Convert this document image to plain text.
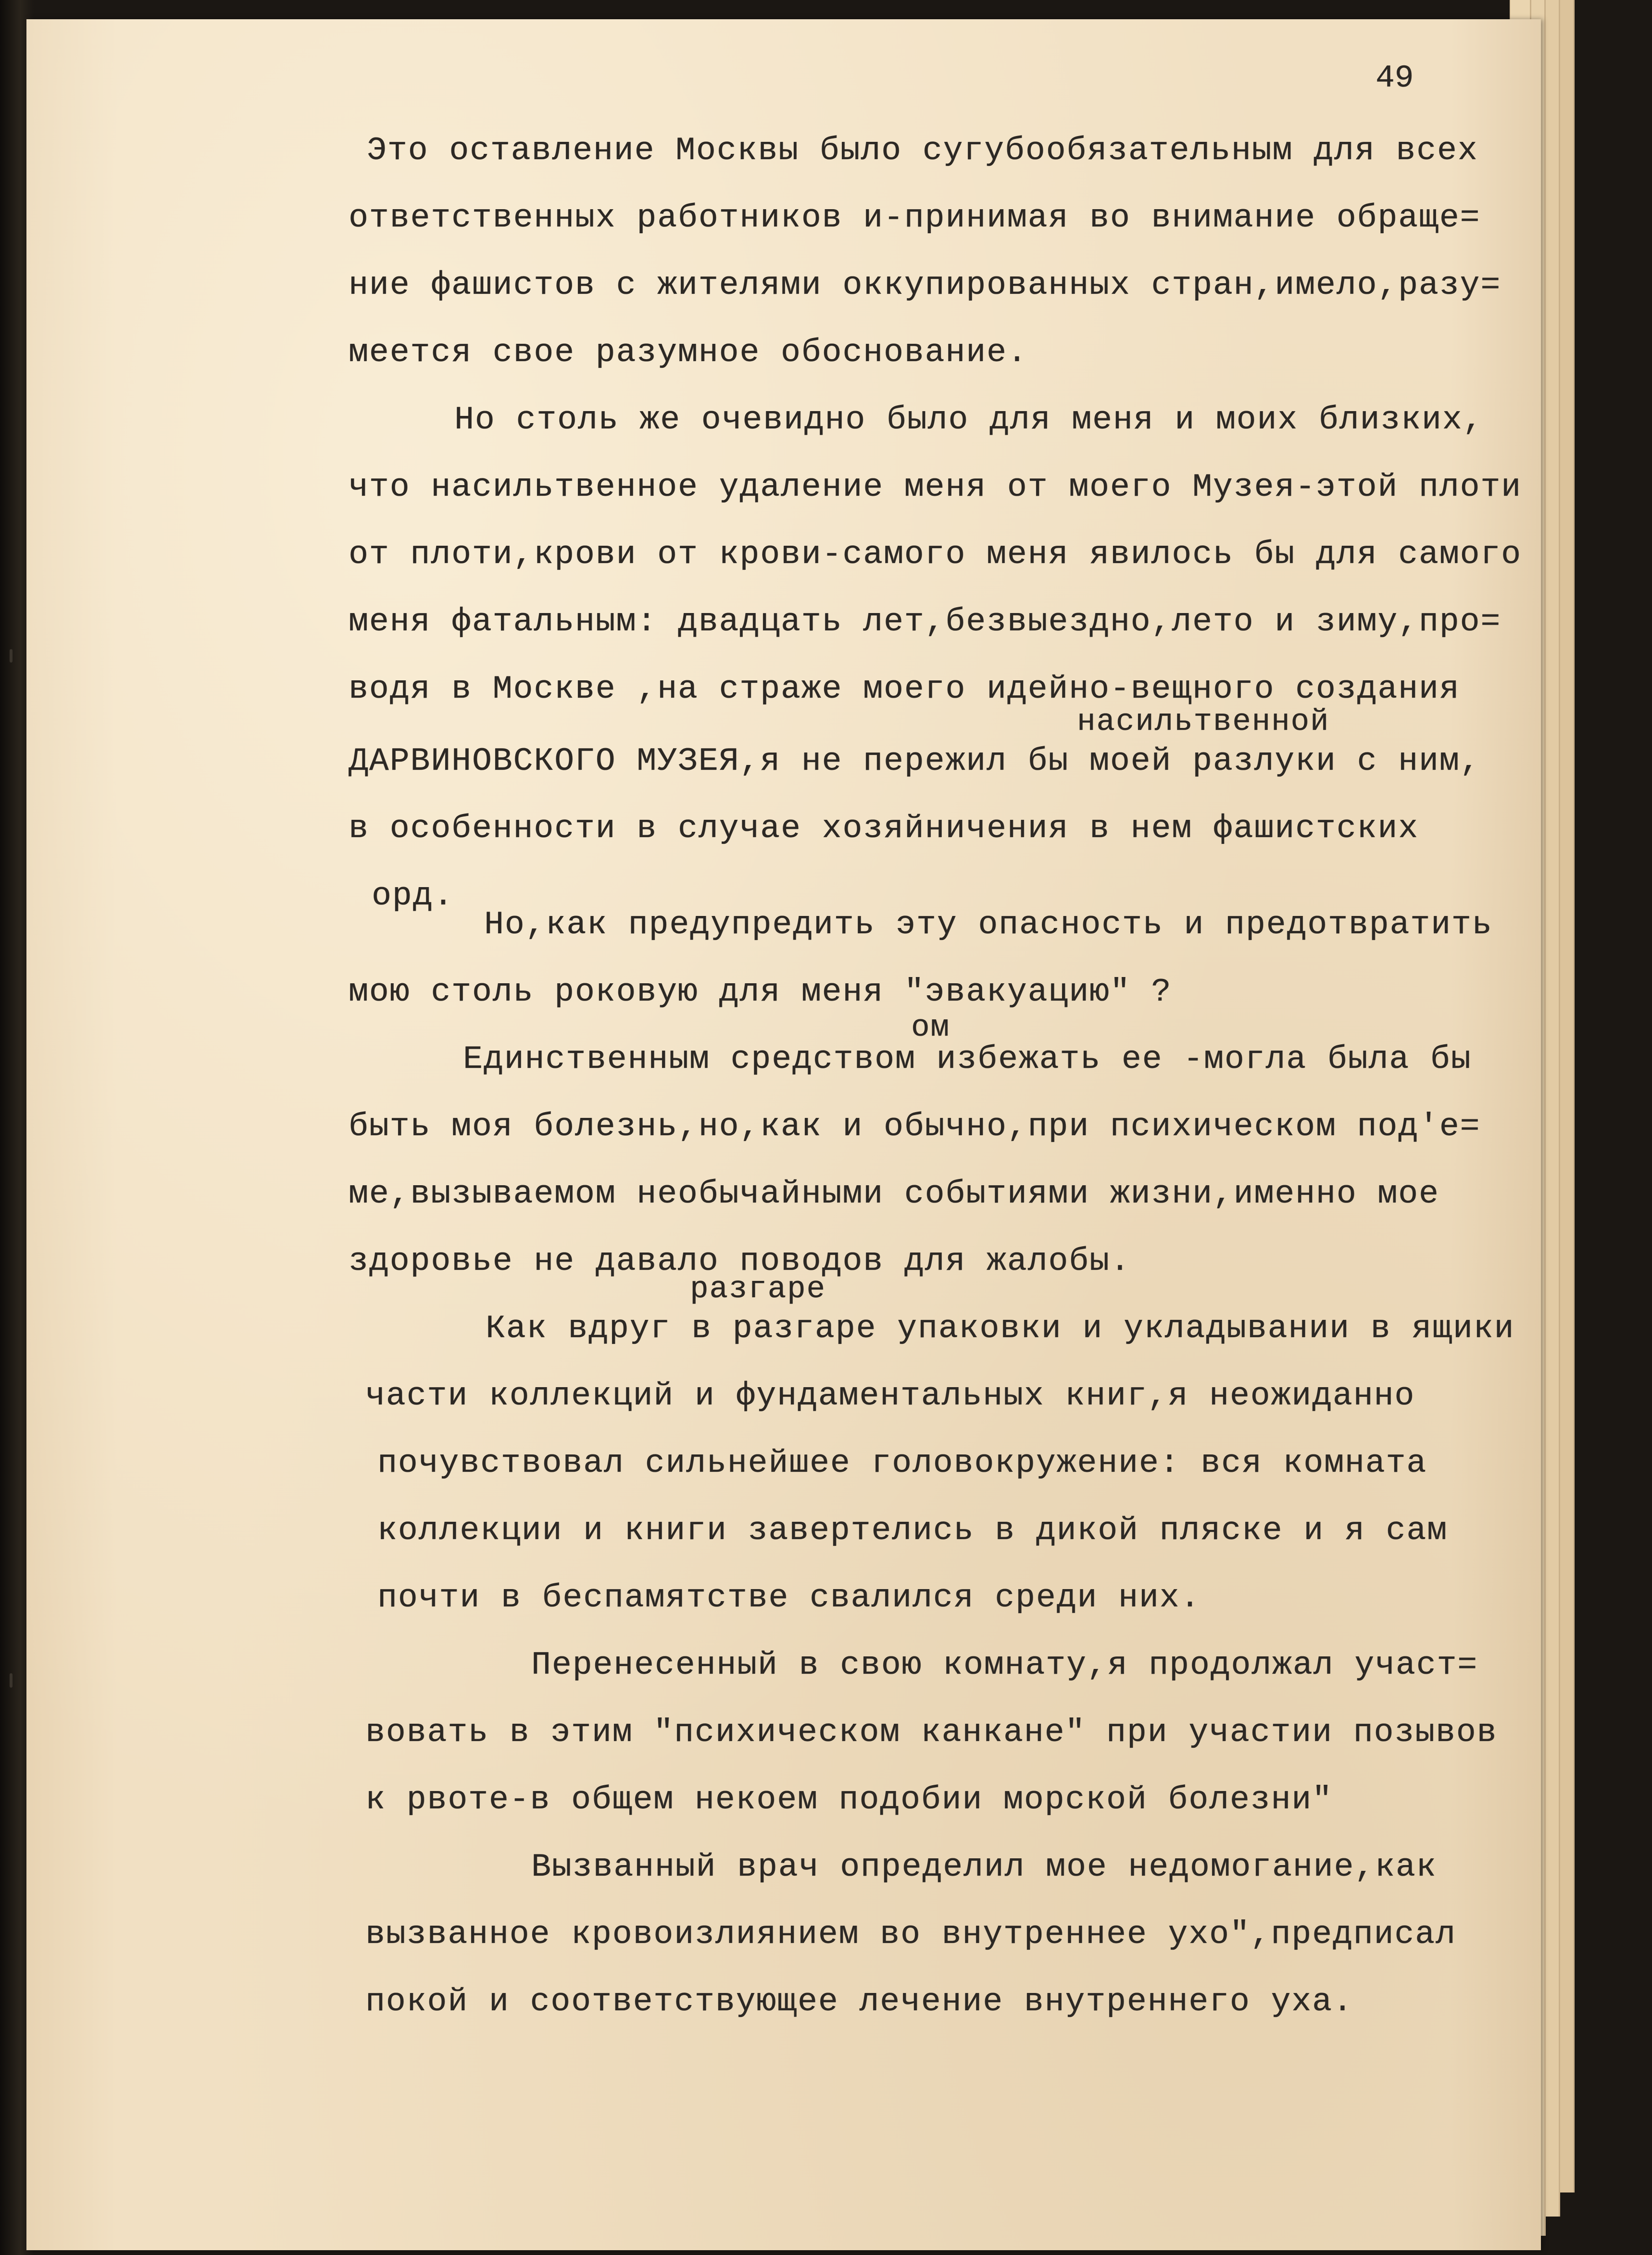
49

Это оставление Москвы было сугубообязательным для всех

ответственных работников и-принимая во внимание обраще=

ние фашистов с жителями оккупированных стран,имело,разу=

меется свое разумное обоснование.

Но столь же очевидно было для меня и моих близких,

что насильтвенное удаление меня от моего Музея-этой плоти

от плоти,крови от крови-самого меня явилось бы для самого

меня фатальным: двадцать лет,безвыездно,лето и зиму,про=

водя в Москве ,на страже моего идейно-вещного создания

насильтвенной

ДАРВИНОВСКОГО МУЗЕЯ,я не пережил бы моей разлуки с ним,

в особенности в случае хозяйничения в нем фашистских

орд.

Но,как предупредить эту опасность и предотвратить

мою столь роковую для меня "эвакуацию" ?

ом

Единственным средством избежать ее -могла была бы

быть моя болезнь,но,как и обычно,при психическом под'е=

ме,вызываемом необычайными событиями жизни,именно мое

здоровье не давало поводов для жалобы.

разгаре

Как вдруг в разгаре упаковки и укладывании в ящики

части коллекций и фундаментальных книг,я неожиданно

почувствовал сильнейшее головокружение: вся комната

коллекции и книги завертелись в дикой пляске и я сам

почти в беспамятстве свалился среди них.

Перенесенный в свою комнату,я продолжал участ=

вовать в этим "психическом канкане" при участии позывов

к рвоте-в общем некоем подобии морской болезни"

Вызванный врач определил мое недомогание,как

вызванное кровоизлиянием во внутреннее ухо",предписал

покой и соответствующее лечение внутреннего уха.
